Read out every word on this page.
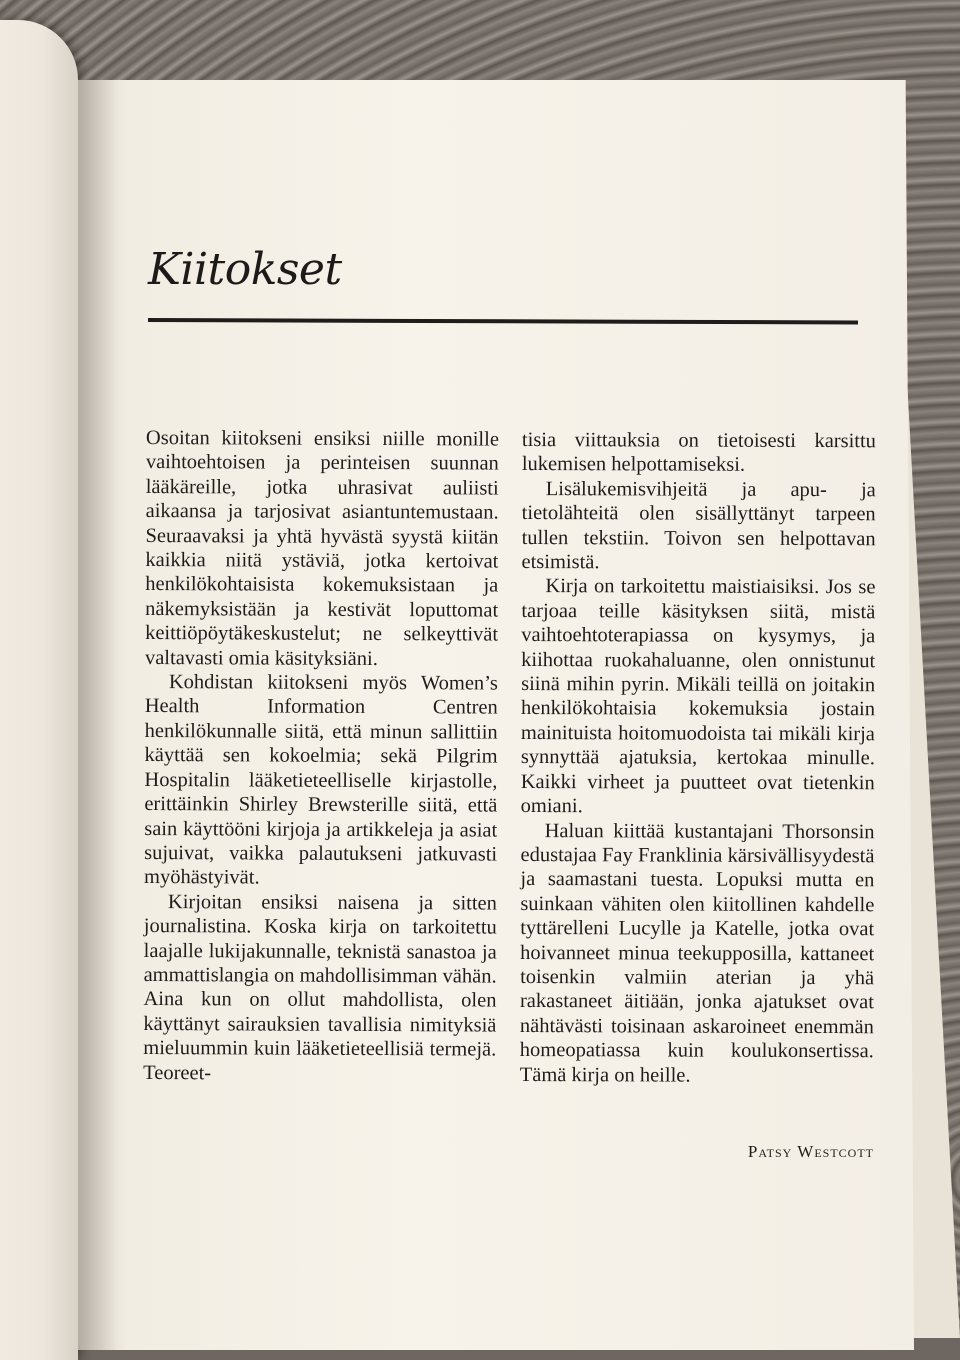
Kiitokset

Osoitan kiitokseni ensiksi niille monille vaihtoehtoisen ja perinteisen suunnan lääkäreille, jotka uhrasivat auliisti aikaansa ja tarjosivat asiantuntemustaan. Seuraavaksi ja yhtä hyvästä syystä kiitän kaikkia niitä ystäviä, jotka kertoivat henkilökohtaisista kokemuksistaan ja näkemyksistään ja kestivät loputtomat keittiöpöytäkeskustelut; ne selkeyttivät valtavasti omia käsityksiäni.

Kohdistan kiitokseni myös Women’s Health Information Centren henkilökunnalle siitä, että minun sallittiin käyttää sen kokoelmia; sekä Pilgrim Hospitalin lääketieteelliselle kirjastolle, erittäinkin Shirley Brewsterille siitä, että sain käyttööni kirjoja ja artikkeleja ja asiat sujuivat, vaikka palautukseni jatkuvasti myöhästyivät.

Kirjoitan ensiksi naisena ja sitten journalistina. Koska kirja on tarkoitettu laajalle lukijakunnalle, teknistä sanastoa ja ammattislangia on mahdollisimman vähän. Aina kun on ollut mahdollista, olen käyttänyt sairauksien tavallisia nimityksiä mieluummin kuin lääketieteellisiä termejä. Teoreet-

tisia viittauksia on tietoisesti karsittu lukemisen helpottamiseksi.

Lisälukemisvihjeitä ja apu- ja tietolähteitä olen sisällyttänyt tarpeen tullen tekstiin. Toivon sen helpottavan etsimistä.

Kirja on tarkoitettu maistiaisiksi. Jos se tarjoaa teille käsityksen siitä, mistä vaihtoehtoterapiassa on kysymys, ja kiihottaa ruokahaluanne, olen onnistunut siinä mihin pyrin. Mikäli teillä on joitakin henkilökohtaisia kokemuksia jostain mainituista hoitomuodoista tai mikäli kirja synnyttää ajatuksia, kertokaa minulle. Kaikki virheet ja puutteet ovat tietenkin omiani.

Haluan kiittää kustantajani Thorsonsin edustajaa Fay Franklinia kärsivällisyydestä ja saamastani tuesta. Lopuksi mutta en suinkaan vähiten olen kiitollinen kahdelle tyttärelleni Lucylle ja Katelle, jotka ovat hoivanneet minua teekupposilla, kattaneet toisenkin valmiin aterian ja yhä rakastaneet äitiään, jonka ajatukset ovat nähtävästi toisinaan askaroineet enemmän homeopatiassa kuin koulukonsertissa. Tämä kirja on heille.

Patsy Westcott
